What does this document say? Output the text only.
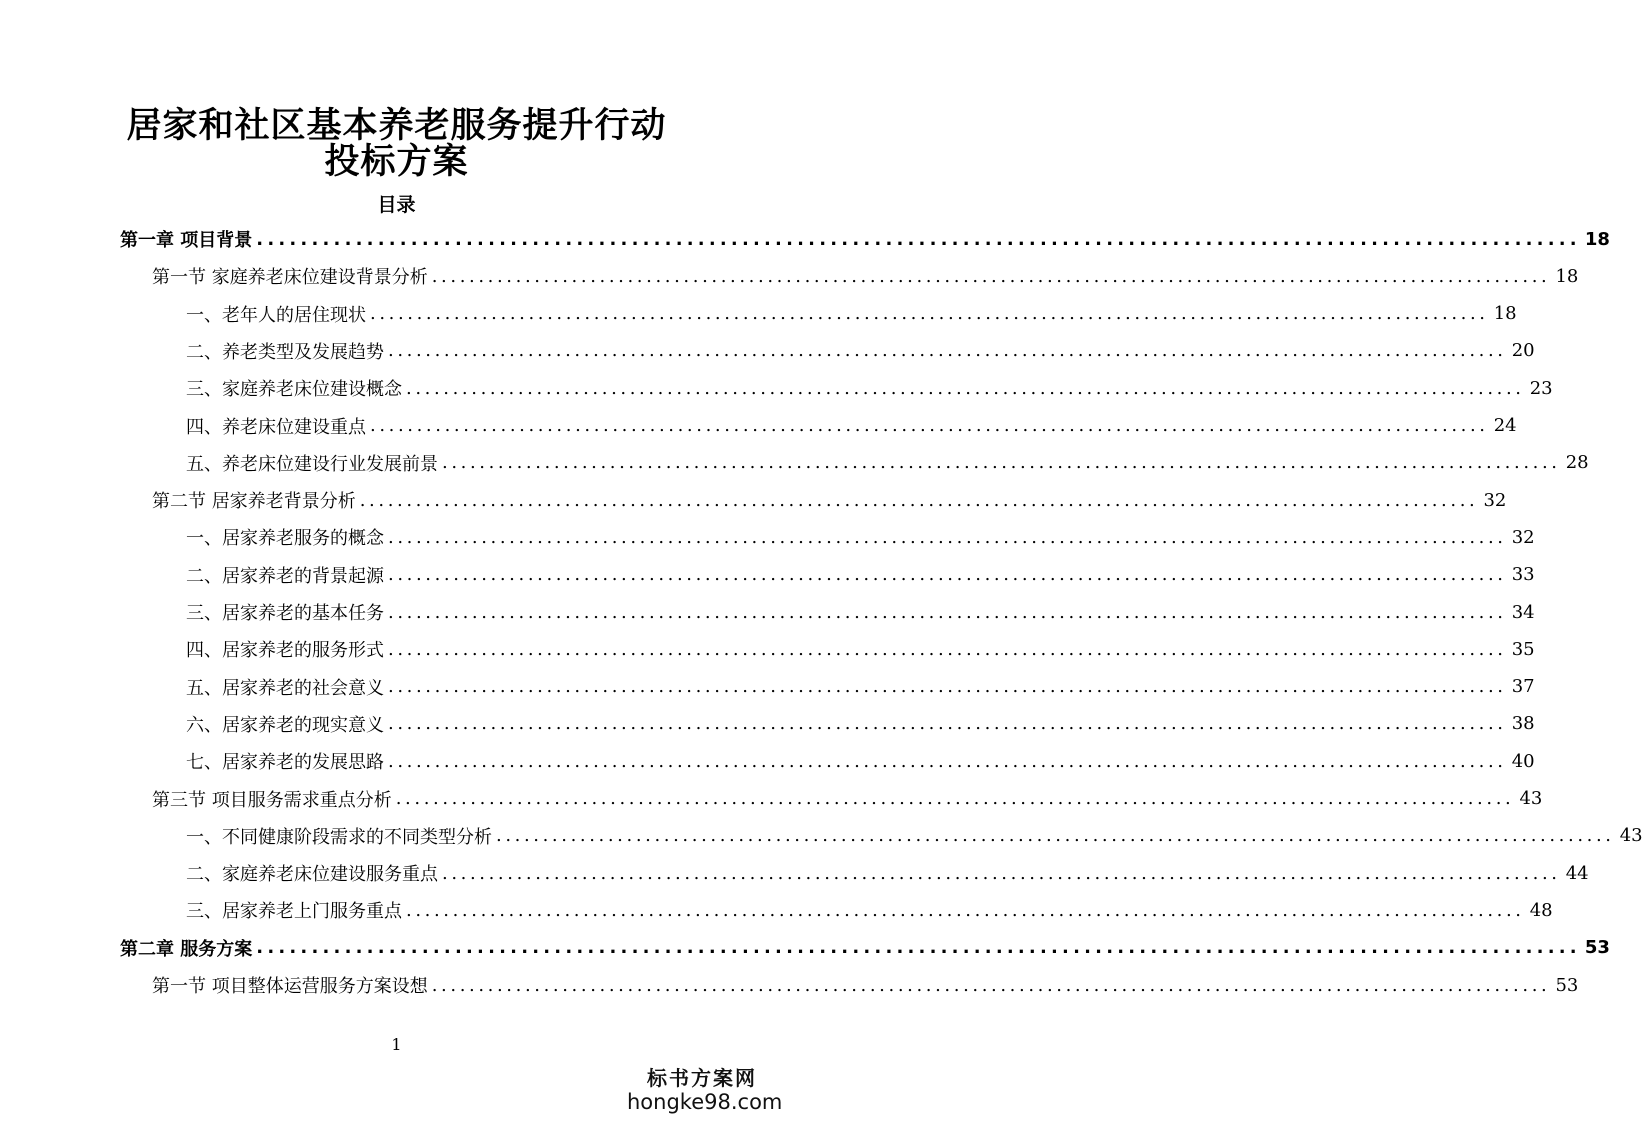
居家和社区基本养老服务提升行动
投标方案
目录
第一章 项目背景 ........................................................................................................................ 18
第一节 家庭养老床位建设背景分析 ........................................................................................................................ 18
一、老年人的居住现状 ........................................................................................................................ 18
二、养老类型及发展趋势 ........................................................................................................................ 20
三、家庭养老床位建设概念 ........................................................................................................................ 23
四、养老床位建设重点 ........................................................................................................................ 24
五、养老床位建设行业发展前景 ........................................................................................................................ 28
第二节 居家养老背景分析 ........................................................................................................................ 32
一、居家养老服务的概念 ........................................................................................................................ 32
二、居家养老的背景起源 ........................................................................................................................ 33
三、居家养老的基本任务 ........................................................................................................................ 34
四、居家养老的服务形式 ........................................................................................................................ 35
五、居家养老的社会意义 ........................................................................................................................ 37
六、居家养老的现实意义 ........................................................................................................................ 38
七、居家养老的发展思路 ........................................................................................................................ 40
第三节 项目服务需求重点分析 ........................................................................................................................ 43
一、不同健康阶段需求的不同类型分析 ........................................................................................................................ 43
二、家庭养老床位建设服务重点 ........................................................................................................................ 44
三、居家养老上门服务重点 ........................................................................................................................ 48
第二章 服务方案 ........................................................................................................................ 53
第一节 项目整体运营服务方案设想 ........................................................................................................................ 53
1
标书方案网
hongke98.com
